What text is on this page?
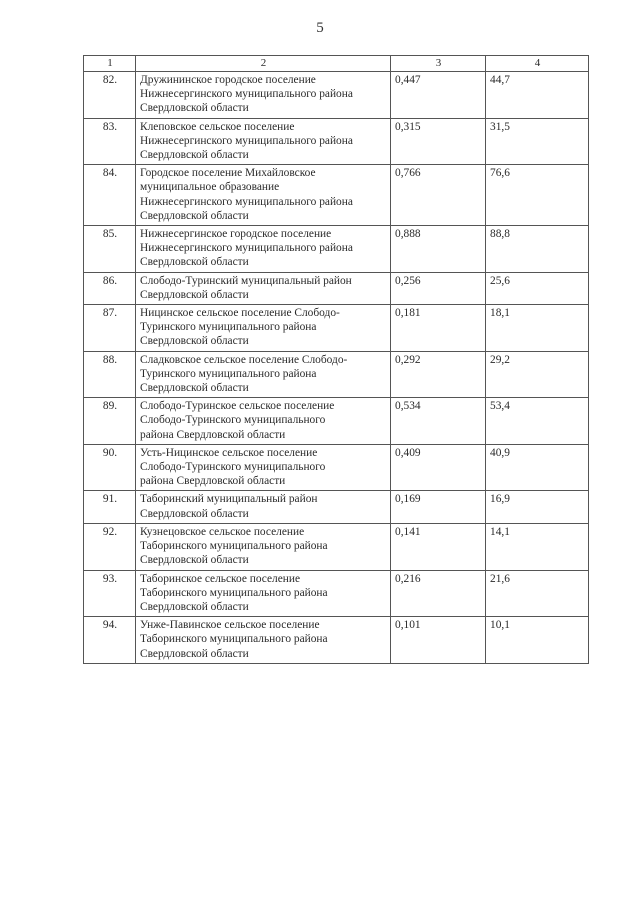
5
1	2	3	4
82.	Дружининское городское поселение
Нижнесергинского муниципального района
Свердловской области	0,447	44,7
83.	Клеповское сельское поселение
Нижнесергинского муниципального района
Свердловской области	0,315	31,5
84.	Городское поселение Михайловское
муниципальное образование
Нижнесергинского муниципального района
Свердловской области	0,766	76,6
85.	Нижнесергинское городское поселение
Нижнесергинского муниципального района
Свердловской области	0,888	88,8
86.	Слободо-Туринский муниципальный район
Свердловской области	0,256	25,6
87.	Ницинское сельское поселение Слободо-
Туринского муниципального района
Свердловской области	0,181	18,1
88.	Сладковское сельское поселение Слободо-
Туринского муниципального района
Свердловской области	0,292	29,2
89.	Слободо-Туринское сельское поселение
Слободо-Туринского муниципального
района Свердловской области	0,534	53,4
90.	Усть-Ницинское сельское поселение
Слободо-Туринского муниципального
района Свердловской области	0,409	40,9
91.	Таборинский муниципальный район
Свердловской области	0,169	16,9
92.	Кузнецовское сельское поселение
Таборинского муниципального района
Свердловской области	0,141	14,1
93.	Таборинское сельское поселение
Таборинского муниципального района
Свердловской области	0,216	21,6
94.	Унже-Павинское сельское поселение
Таборинского муниципального района
Свердловской области	0,101	10,1
